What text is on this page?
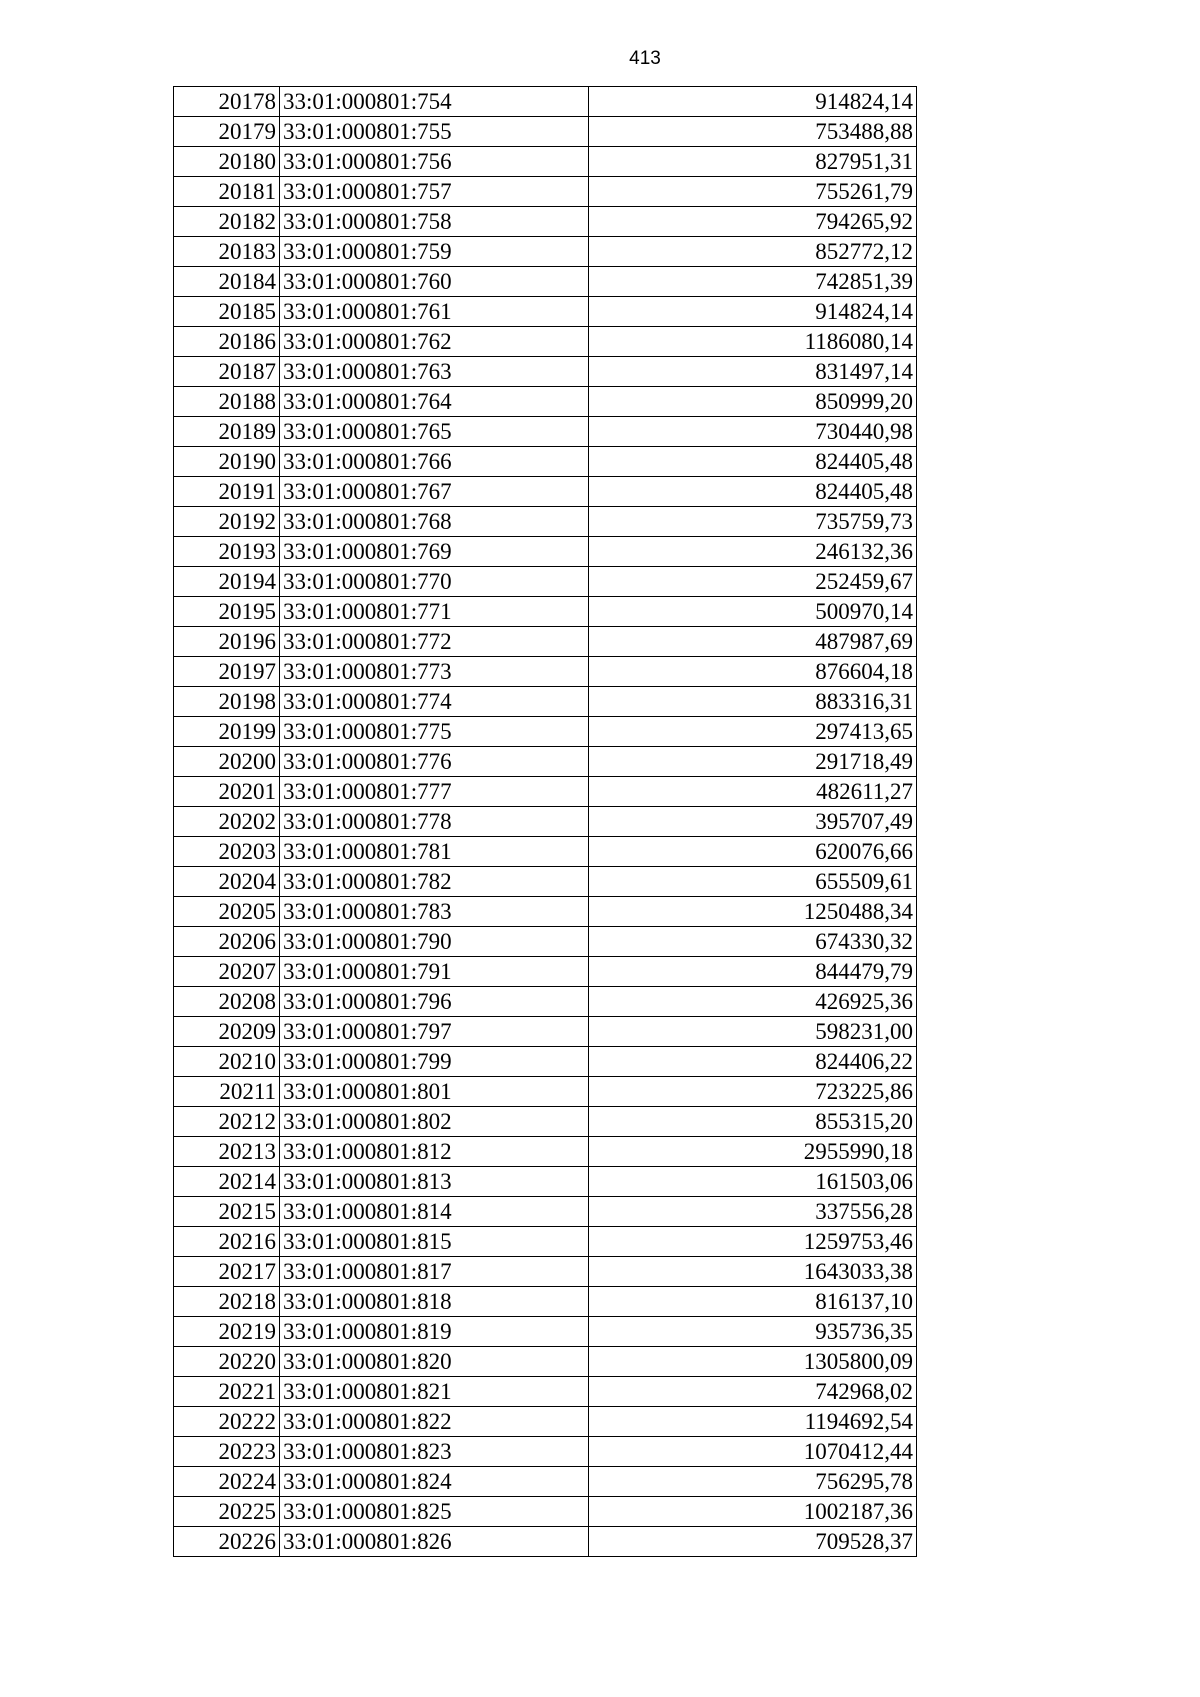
413
20178	33:01:000801:754	914824,14
20179	33:01:000801:755	753488,88
20180	33:01:000801:756	827951,31
20181	33:01:000801:757	755261,79
20182	33:01:000801:758	794265,92
20183	33:01:000801:759	852772,12
20184	33:01:000801:760	742851,39
20185	33:01:000801:761	914824,14
20186	33:01:000801:762	1186080,14
20187	33:01:000801:763	831497,14
20188	33:01:000801:764	850999,20
20189	33:01:000801:765	730440,98
20190	33:01:000801:766	824405,48
20191	33:01:000801:767	824405,48
20192	33:01:000801:768	735759,73
20193	33:01:000801:769	246132,36
20194	33:01:000801:770	252459,67
20195	33:01:000801:771	500970,14
20196	33:01:000801:772	487987,69
20197	33:01:000801:773	876604,18
20198	33:01:000801:774	883316,31
20199	33:01:000801:775	297413,65
20200	33:01:000801:776	291718,49
20201	33:01:000801:777	482611,27
20202	33:01:000801:778	395707,49
20203	33:01:000801:781	620076,66
20204	33:01:000801:782	655509,61
20205	33:01:000801:783	1250488,34
20206	33:01:000801:790	674330,32
20207	33:01:000801:791	844479,79
20208	33:01:000801:796	426925,36
20209	33:01:000801:797	598231,00
20210	33:01:000801:799	824406,22
20211	33:01:000801:801	723225,86
20212	33:01:000801:802	855315,20
20213	33:01:000801:812	2955990,18
20214	33:01:000801:813	161503,06
20215	33:01:000801:814	337556,28
20216	33:01:000801:815	1259753,46
20217	33:01:000801:817	1643033,38
20218	33:01:000801:818	816137,10
20219	33:01:000801:819	935736,35
20220	33:01:000801:820	1305800,09
20221	33:01:000801:821	742968,02
20222	33:01:000801:822	1194692,54
20223	33:01:000801:823	1070412,44
20224	33:01:000801:824	756295,78
20225	33:01:000801:825	1002187,36
20226	33:01:000801:826	709528,37
